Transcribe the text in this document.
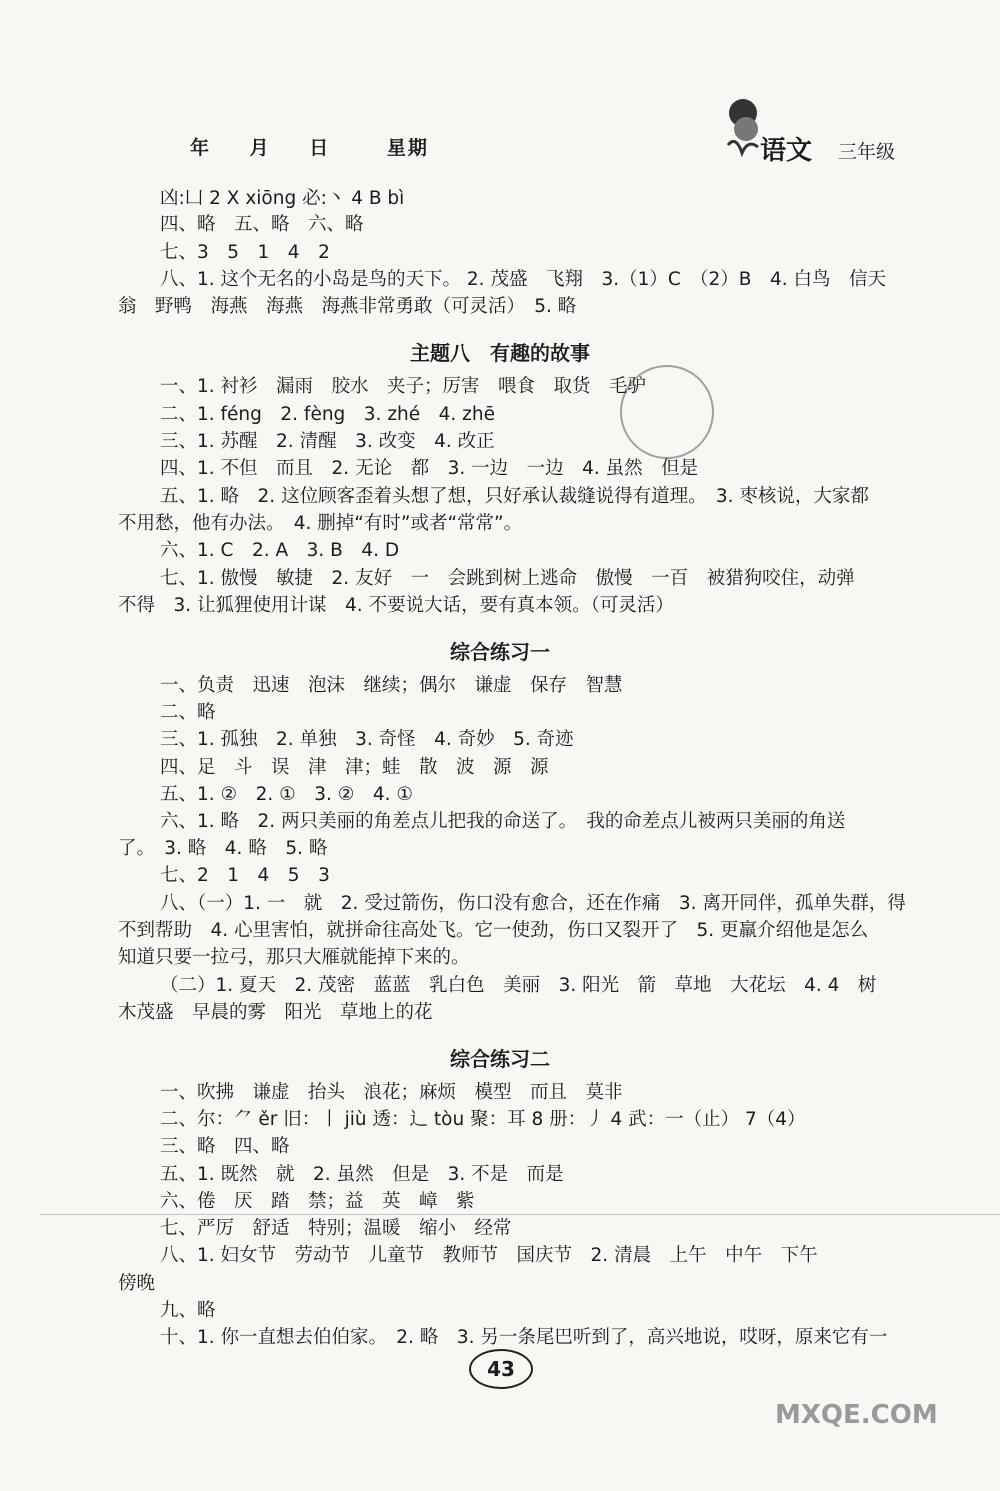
年 月 日	星期	语文 三年级
凶:凵 2 X xiōng 必:丶 4 B bì
四、略　五、略　六、略
七、3　5　1　4　2
八、1. 这个无名的小岛是鸟的天下。 2. 茂盛　飞翔　3.（1）C　（2）B　4. 白鸟　信天
翁　野鸭　海燕　海燕　海燕非常勇敢（可灵活）　5. 略
主题八　有趣的故事
一、1. 衬衫　漏雨　胶水　夹子；厉害　喂食　取货　毛驴
二、1. féng　2. fèng　3. zhé　4. zhē
三、1. 苏醒　2. 清醒　3. 改变　4. 改正
四、1. 不但　而且　2. 无论　都　3. 一边　一边　4. 虽然　但是
五、1. 略　2. 这位顾客歪着头想了想，只好承认裁缝说得有道理。　3. 枣核说，大家都
不用愁，他有办法。　4. 删掉“有时”或者“常常”。
六、1. C　2. A　3. B　4. D
七、1. 傲慢　敏捷　2. 友好　一　会跳到树上逃命　傲慢　一百　被猎狗咬住，动弹
不得　3. 让狐狸使用计谋　4. 不要说大话，要有真本领。（可灵活）
综合练习一
一、负责　迅速　泡沫　继续；偶尔　谦虚　保存　智慧
二、略
三、1. 孤独　2. 单独　3. 奇怪　4. 奇妙　5. 奇迹
四、足　斗　误　津　津；蛙　散　波　源　源
五、1. ②　2. ①　3. ②　4. ①
六、1. 略　2. 两只美丽的角差点儿把我的命送了。　我的命差点儿被两只美丽的角送
了。　3. 略　4. 略　5. 略
七、2　1　4　5　3
八、（一）1. 一　就　2. 受过箭伤，伤口没有愈合，还在作痛　3. 离开同伴，孤单失群，得
不到帮助　4. 心里害怕，就拼命往高处飞。它一使劲，伤口又裂开了　5. 更羸介绍他是怎么
知道只要一拉弓，那只大雁就能掉下来的。
（二）1. 夏天　2. 茂密　蓝蓝　乳白色　美丽　3. 阳光　箭　草地　大花坛　4. 4　树
木茂盛　早晨的雾　阳光　草地上的花
综合练习二
一、吹拂　谦虚　抬头　浪花；麻烦　模型　而且　莫非
二、尔：⺈ ěr 旧：丨 jiù 透：辶 tòu 聚：耳 8 册：丿 4 武：一（止） 7（4）
三、略　四、略
五、1. 既然　就　2. 虽然　但是　3. 不是　而是
六、倦　厌　踏　禁；益　英　嶂　紫
七、严厉　舒适　特别；温暖　缩小　经常
八、1. 妇女节　劳动节　儿童节　教师节　国庆节　2. 清晨　上午　中午　下午
傍晚
九、略
十、1. 你一直想去伯伯家。　2. 略　3. 另一条尾巴听到了，高兴地说，哎呀，原来它有一
43
MXQE.COM
